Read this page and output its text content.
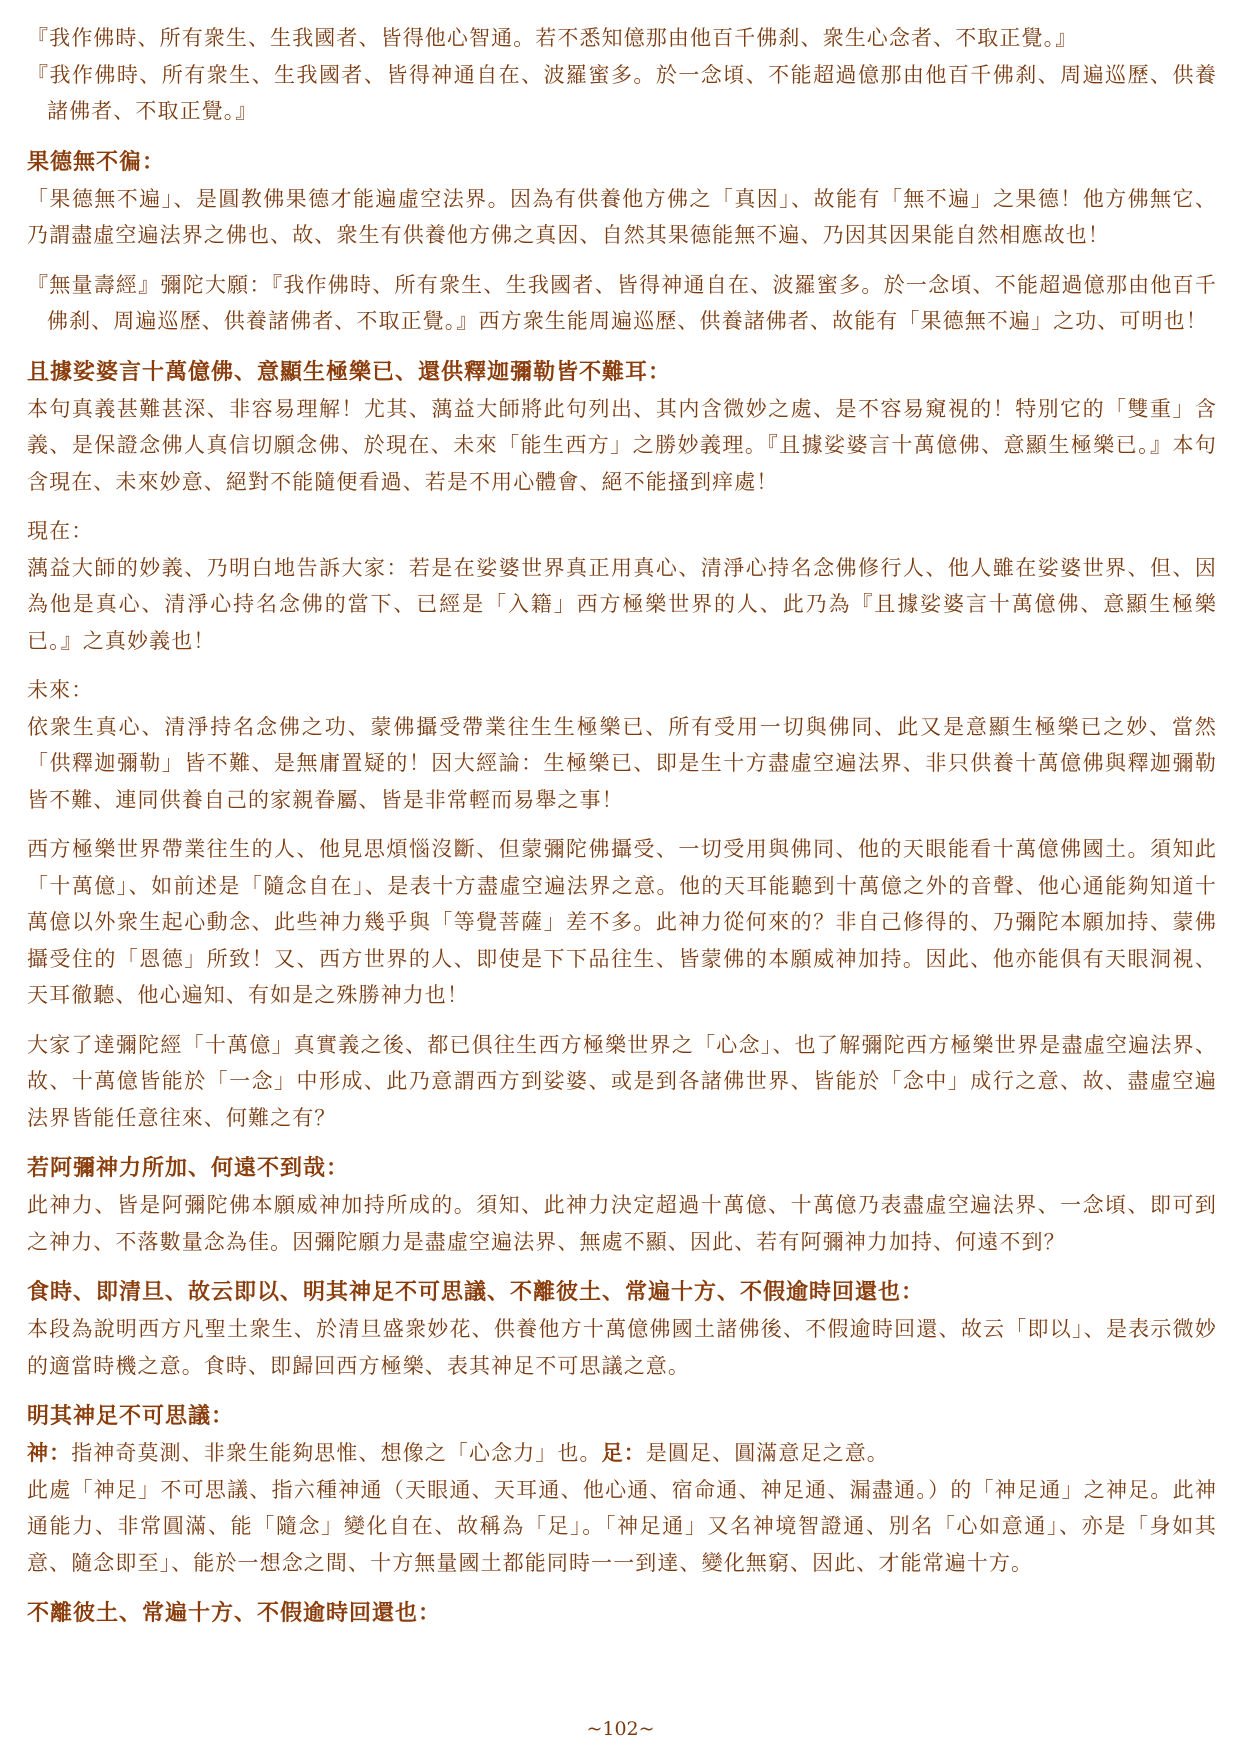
『我作佛時、所有衆生、生我國者、皆得他心智通。若不悉知億那由他百千佛刹、衆生心念者、不取正覺。』

『我作佛時、所有衆生、生我國者、皆得神通自在、波羅蜜多。於一念頃、不能超過億那由他百千佛刹、周遍巡歷、供養諸佛者、不取正覺。』

果德無不徧：

「果德無不遍」、是圓教佛果德才能遍虛空法界。因為有供養他方佛之「真因」、故能有「無不遍」之果德！他方佛無它、乃謂盡虛空遍法界之佛也、故、衆生有供養他方佛之真因、自然其果德能無不遍、乃因其因果能自然相應故也！

『無量壽經』彌陀大願：『我作佛時、所有衆生、生我國者、皆得神通自在、波羅蜜多。於一念頃、不能超過億那由他百千佛刹、周遍巡歷、供養諸佛者、不取正覺。』西方衆生能周遍巡歷、供養諸佛者、故能有「果德無不遍」之功、可明也！

且據娑婆言十萬億佛、意顯生極樂已、還供釋迦彌勒皆不難耳：

本句真義甚難甚深、非容易理解！尤其、蕅益大師將此句列出、其内含微妙之處、是不容易窺視的！特別它的「雙重」含義、是保證念佛人真信切願念佛、於現在、未來「能生西方」之勝妙義理。『且據娑婆言十萬億佛、意顯生極樂已。』本句含現在、未來妙意、絕對不能隨便看過、若是不用心體會、絕不能搔到痒處！

現在：

蕅益大師的妙義、乃明白地告訴大家：若是在娑婆世界真正用真心、清淨心持名念佛修行人、他人雖在娑婆世界、但、因為他是真心、清淨心持名念佛的當下、已經是「入籍」西方極樂世界的人、此乃為『且據娑婆言十萬億佛、意顯生極樂已。』之真妙義也！

未來：

依衆生真心、清淨持名念佛之功、蒙佛攝受帶業往生生極樂已、所有受用一切與佛同、此又是意顯生極樂已之妙、當然「供釋迦彌勒」皆不難、是無庸置疑的！因大經論：生極樂已、即是生十方盡虛空遍法界、非只供養十萬億佛與釋迦彌勒皆不難、連同供養自己的家親眷屬、皆是非常輕而易舉之事！

西方極樂世界帶業往生的人、他見思煩惱沒斷、但蒙彌陀佛攝受、一切受用與佛同、他的天眼能看十萬億佛國土。須知此「十萬億」、如前述是「隨念自在」、是表十方盡虛空遍法界之意。他的天耳能聽到十萬億之外的音聲、他心通能夠知道十萬億以外衆生起心動念、此些神力幾乎與「等覺菩薩」差不多。此神力從何來的？非自己修得的、乃彌陀本願加持、蒙佛攝受住的「恩德」所致！又、西方世界的人、即使是下下品往生、皆蒙佛的本願威神加持。因此、他亦能俱有天眼洞視、天耳徹聽、他心遍知、有如是之殊勝神力也！

大家了達彌陀經「十萬億」真實義之後、都已俱往生西方極樂世界之「心念」、也了解彌陀西方極樂世界是盡虛空遍法界、故、十萬億皆能於「一念」中形成、此乃意謂西方到娑婆、或是到各諸佛世界、皆能於「念中」成行之意、故、盡虛空遍法界皆能任意往來、何難之有？

若阿彌神力所加、何遠不到哉：

此神力、皆是阿彌陀佛本願威神加持所成的。須知、此神力決定超過十萬億、十萬億乃表盡虛空遍法界、一念頃、即可到之神力、不落數量念為佳。因彌陀願力是盡虛空遍法界、無處不顯、因此、若有阿彌神力加持、何遠不到？

食時、即清旦、故云即以、明其神足不可思議、不離彼土、常遍十方、不假逾時回還也：

本段為說明西方凡聖土衆生、於清旦盛衆妙花、供養他方十萬億佛國土諸佛後、不假逾時回還、故云「即以」、是表示微妙的適當時機之意。食時、即歸回西方極樂、表其神足不可思議之意。

明其神足不可思議：

神：指神奇莫測、非衆生能夠思惟、想像之「心念力」也。足：是圓足、圓滿意足之意。

此處「神足」不可思議、指六種神通（天眼通、天耳通、他心通、宿命通、神足通、漏盡通。）的「神足通」之神足。此神通能力、非常圓滿、能「隨念」變化自在、故稱為「足」。「神足通」又名神境智證通、別名「心如意通」、亦是「身如其意、隨念即至」、能於一想念之間、十方無量國土都能同時一一到達、變化無窮、因此、才能常遍十方。

不離彼土、常遍十方、不假逾時回還也：
~102~
